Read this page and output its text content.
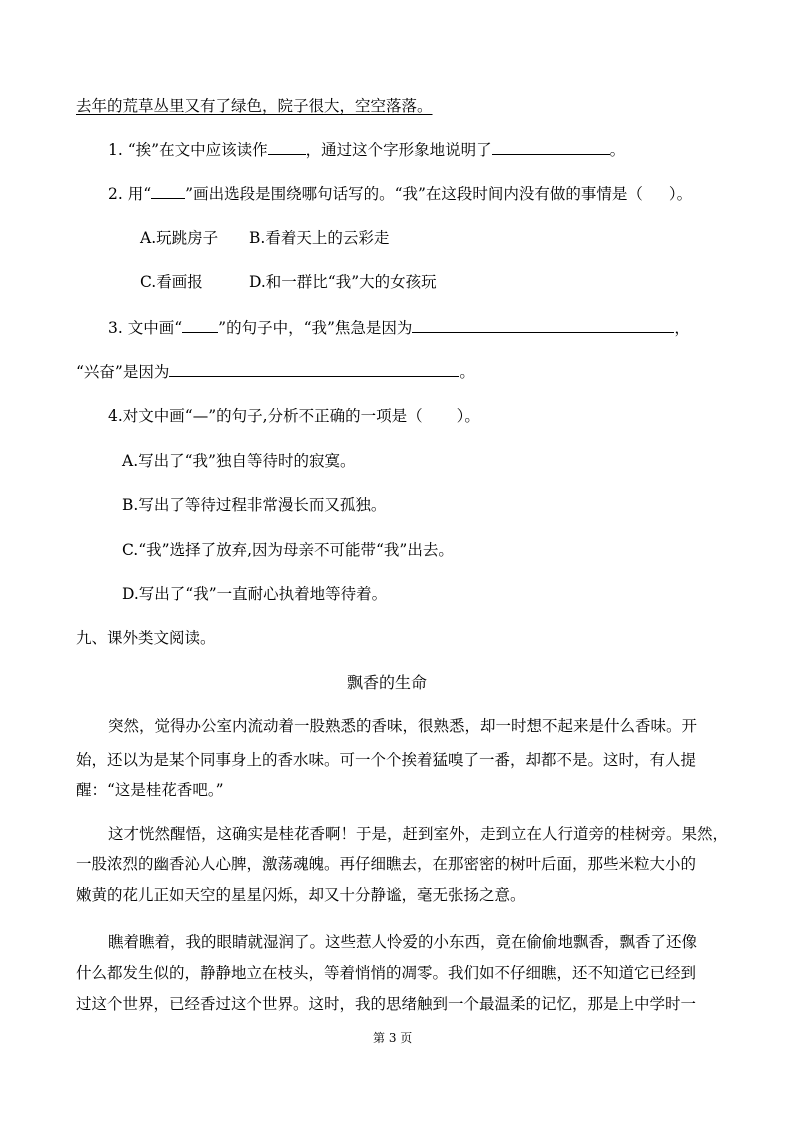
去年的荒草丛里又有了绿色，院子很大，空空落落。
1. “挨”在文中应该读作 ，通过这个字形象地说明了	。
2. 用“ ”画出选段是围绕哪句话写的。“我”在这段时间内没有做的事情是（ ）。
A.玩跳房子 B.看着天上的云彩走
C.看画报	D.和一群比“我”大的女孩玩
3. 文中画“ ”的句子中，“我”焦急是因为	，
“兴奋”是因为	。
4.对文中画“—”的句子,分析不正确的一项是（ ）。
A.写出了“我”独自等待时的寂寞。
B.写出了等待过程非常漫长而又孤独。
C.“我”选择了放弃,因为母亲不可能带“我”出去。
D.写出了“我”一直耐心执着地等待着。
九、课外类文阅读。
飘香的生命
突然，觉得办公室内流动着一股熟悉的香味，很熟悉，却一时想不起来是什么香味。开
始，还以为是某个同事身上的香水味。可一个个挨着猛嗅了一番，却都不是。这时，有人提
醒：“这是桂花香吧。”
这才恍然醒悟，这确实是桂花香啊！于是，赶到室外，走到立在人行道旁的桂树旁。果然，
一股浓烈的幽香沁人心脾，激荡魂魄。再仔细瞧去，在那密密的树叶后面，那些米粒大小的
嫩黄的花儿正如天空的星星闪烁，却又十分静谧，毫无张扬之意。
瞧着瞧着，我的眼睛就湿润了。这些惹人怜爱的小东西，竟在偷偷地飘香，飘香了还像
什么都发生似的，静静地立在枝头，等着悄悄的凋零。我们如不仔细瞧，还不知道它已经到
过这个世界，已经香过这个世界。这时，我的思绪触到一个最温柔的记忆，那是上中学时一
第 3 页
